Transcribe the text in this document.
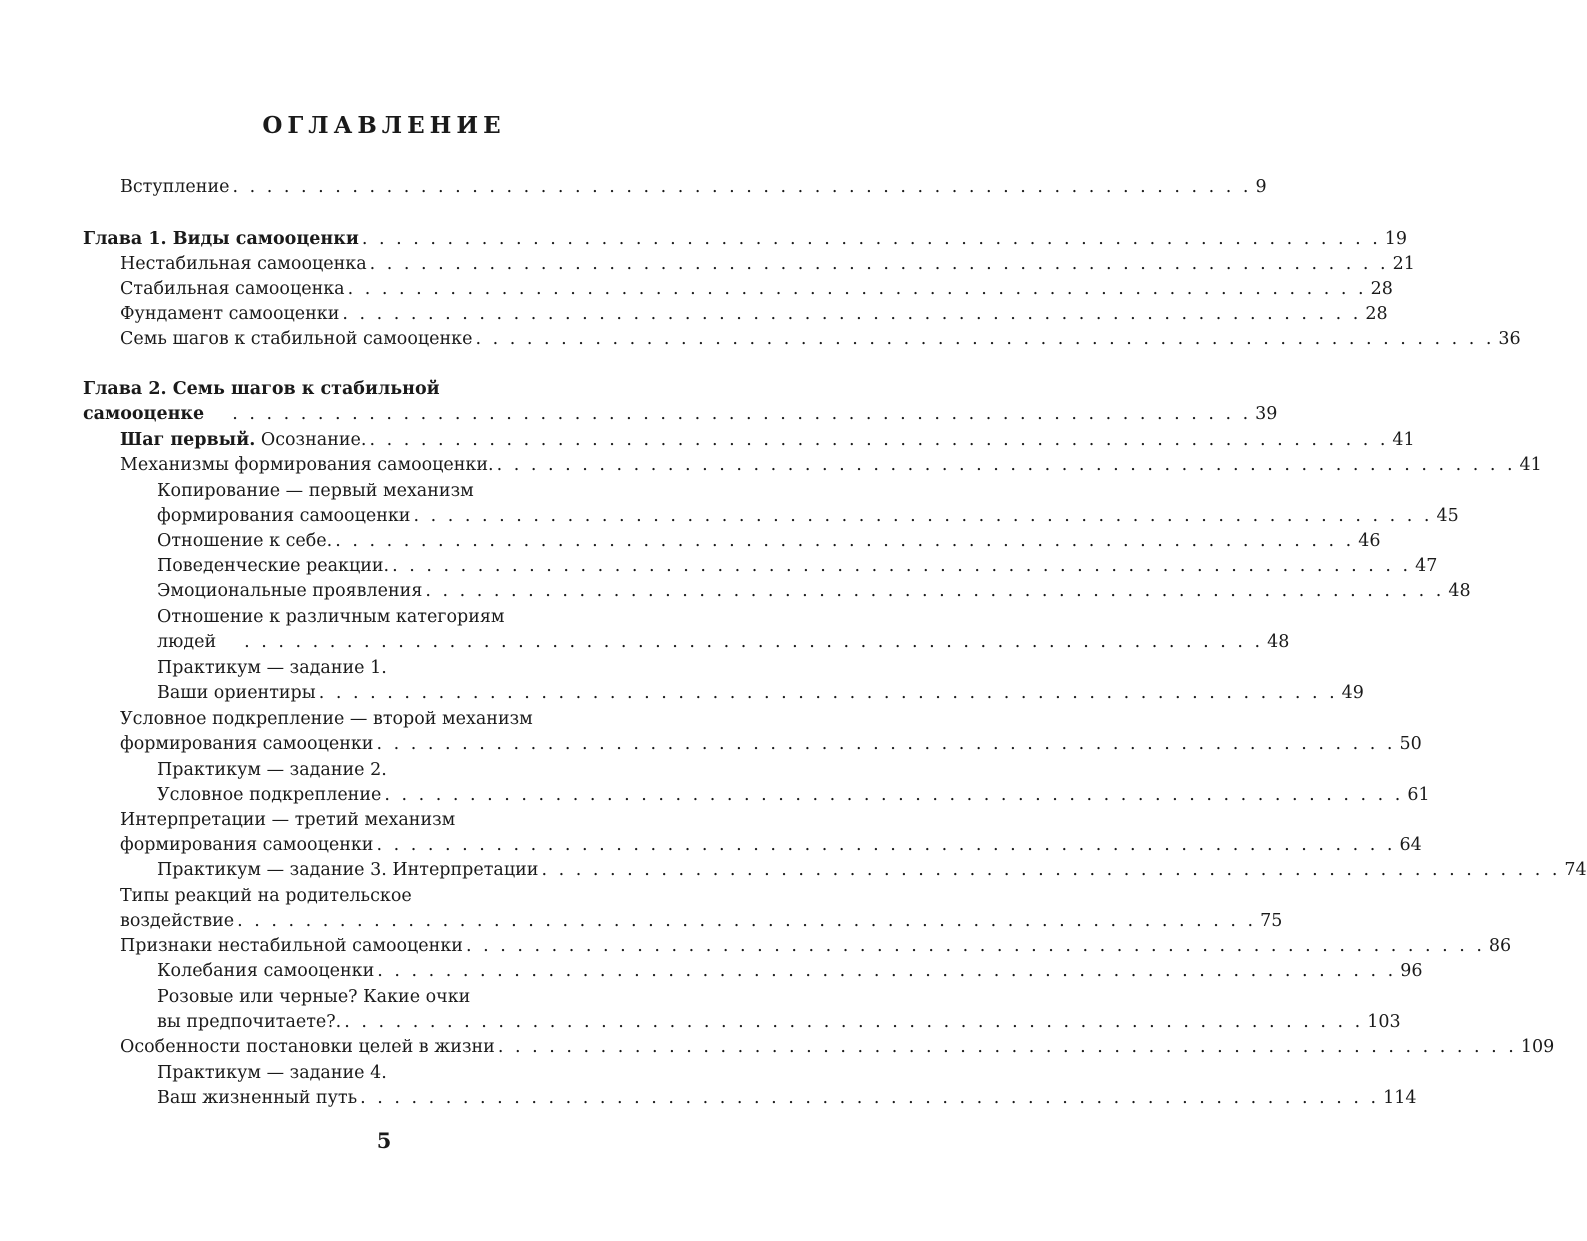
ОГЛАВЛЕНИЕ
Вступление . . . . . . . . . . . . . . . . . . . . . . . . . . . . . . . . . . . . . . . . . . . . . . . . . . . . . . . . . . . . 9
Глава 1. Виды самооценки . . . . . . . . . . . . . . . . . . . . . . . . . . . . . . . . . . . . . . . . . . . . . . . . . . . . . . . . . . . . 19
Нестабильная самооценка . . . . . . . . . . . . . . . . . . . . . . . . . . . . . . . . . . . . . . . . . . . . . . . . . . . . . . . . . . . . 21
Стабильная самооценка . . . . . . . . . . . . . . . . . . . . . . . . . . . . . . . . . . . . . . . . . . . . . . . . . . . . . . . . . . . . 28
Фундамент самооценки . . . . . . . . . . . . . . . . . . . . . . . . . . . . . . . . . . . . . . . . . . . . . . . . . . . . . . . . . . . . 28
Семь шагов к стабильной самооценке . . . . . . . . . . . . . . . . . . . . . . . . . . . . . . . . . . . . . . . . . . . . . . . . . . . . . . . . . . . . 36
Глава 2. Семь шагов к стабильной
самооценке . . . . . . . . . . . . . . . . . . . . . . . . . . . . . . . . . . . . . . . . . . . . . . . . . . . . . . . . . . . . 39
Шаг первый. Осознание. . . . . . . . . . . . . . . . . . . . . . . . . . . . . . . . . . . . . . . . . . . . . . . . . . . . . . . . . . . . . 41
Механизмы формирования самооценки. . . . . . . . . . . . . . . . . . . . . . . . . . . . . . . . . . . . . . . . . . . . . . . . . . . . . . . . . . . . . 41
Копирование — первый механизм
формирования самооценки . . . . . . . . . . . . . . . . . . . . . . . . . . . . . . . . . . . . . . . . . . . . . . . . . . . . . . . . . . . . 45
Отношение к себе. . . . . . . . . . . . . . . . . . . . . . . . . . . . . . . . . . . . . . . . . . . . . . . . . . . . . . . . . . . . . 46
Поведенческие реакции. . . . . . . . . . . . . . . . . . . . . . . . . . . . . . . . . . . . . . . . . . . . . . . . . . . . . . . . . . . . . 47
Эмоциональные проявления . . . . . . . . . . . . . . . . . . . . . . . . . . . . . . . . . . . . . . . . . . . . . . . . . . . . . . . . . . . . 48
Отношение к различным категориям
людей . . . . . . . . . . . . . . . . . . . . . . . . . . . . . . . . . . . . . . . . . . . . . . . . . . . . . . . . . . . . 48
Практикум — задание 1.
Ваши ориентиры . . . . . . . . . . . . . . . . . . . . . . . . . . . . . . . . . . . . . . . . . . . . . . . . . . . . . . . . . . . . 49
Условное подкрепление — второй механизм
формирования самооценки . . . . . . . . . . . . . . . . . . . . . . . . . . . . . . . . . . . . . . . . . . . . . . . . . . . . . . . . . . . . 50
Практикум — задание 2.
Условное подкрепление . . . . . . . . . . . . . . . . . . . . . . . . . . . . . . . . . . . . . . . . . . . . . . . . . . . . . . . . . . . . 61
Интерпретации — третий механизм
формирования самооценки . . . . . . . . . . . . . . . . . . . . . . . . . . . . . . . . . . . . . . . . . . . . . . . . . . . . . . . . . . . . 64
Практикум — задание 3. Интерпретации . . . . . . . . . . . . . . . . . . . . . . . . . . . . . . . . . . . . . . . . . . . . . . . . . . . . . . . . . . . . 74
Типы реакций на родительское
воздействие . . . . . . . . . . . . . . . . . . . . . . . . . . . . . . . . . . . . . . . . . . . . . . . . . . . . . . . . . . . . 75
Признаки нестабильной самооценки . . . . . . . . . . . . . . . . . . . . . . . . . . . . . . . . . . . . . . . . . . . . . . . . . . . . . . . . . . . . 86
Колебания самооценки . . . . . . . . . . . . . . . . . . . . . . . . . . . . . . . . . . . . . . . . . . . . . . . . . . . . . . . . . . . . 96
Розовые или черные? Какие очки
вы предпочитаете?. . . . . . . . . . . . . . . . . . . . . . . . . . . . . . . . . . . . . . . . . . . . . . . . . . . . . . . . . . . . . 103
Особенности постановки целей в жизни . . . . . . . . . . . . . . . . . . . . . . . . . . . . . . . . . . . . . . . . . . . . . . . . . . . . . . . . . . . . 109
Практикум — задание 4.
Ваш жизненный путь . . . . . . . . . . . . . . . . . . . . . . . . . . . . . . . . . . . . . . . . . . . . . . . . . . . . . . . . . . . . 114
5
